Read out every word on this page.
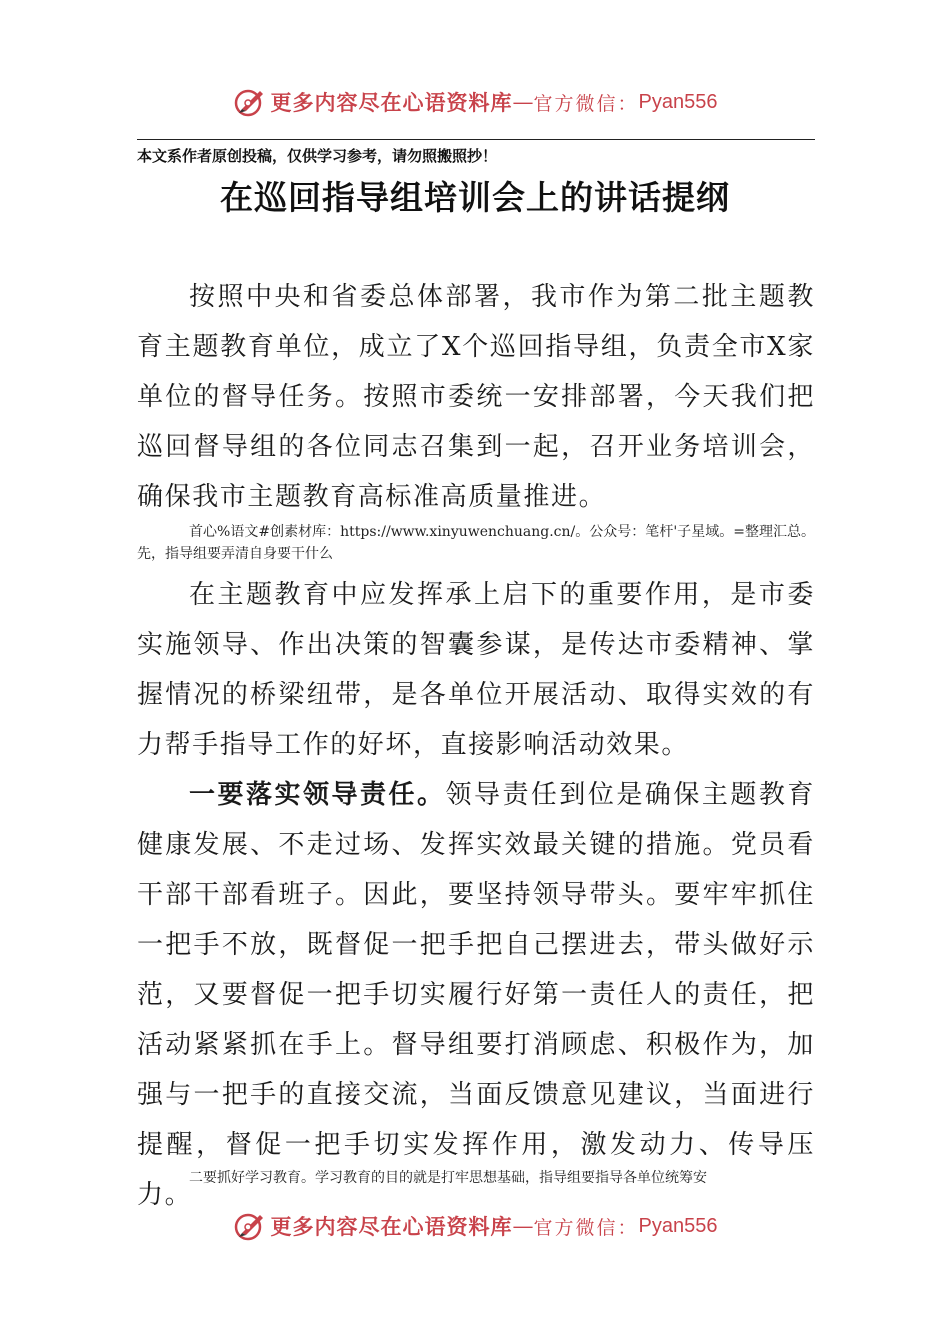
更多内容尽在心语资料库 — 官方微信： Pyan556
本文系作者原创投稿，仅供学习参考，请勿照搬照抄！
在巡回指导组培训会上的讲话提纲
按照中央和省委总体部署，我市作为第二批主题教育主题教育单位，成立了X个巡回指导组，负责全市X家单位的督导任务。按照市委统一安排部署，今天我们把巡回督导组的各位同志召集到一起，召开业务培训会，确保我市主题教育高标准高质量推进。
首心%语文#创素材库：https://www.xinyuwenchuang.cn/。公众号：笔杆'子星域。=整理汇总。先，指导组要弄清自身要干什么
在主题教育中应发挥承上启下的重要作用，是市委实施领导、作出决策的智囊参谋，是传达市委精神、掌握情况的桥梁纽带，是各单位开展活动、取得实效的有力帮手指导工作的好坏，直接影响活动效果。
一要落实领导责任。领导责任到位是确保主题教育健康发展、不走过场、发挥实效最关键的措施。党员看干部干部看班子。因此，要坚持领导带头。要牢牢抓住一把手不放，既督促一把手把自己摆进去，带头做好示范，又要督促一把手切实履行好第一责任人的责任，把活动紧紧抓在手上。督导组要打消顾虑、积极作为，加强与一把手的直接交流，当面反馈意见建议，当面进行提醒，督促一把手切实发挥作用，激发动力、传导压力。
二要抓好学习教育。学习教育的目的就是打牢思想基础，指导组要指导各单位统筹安
更多内容尽在心语资料库 — 官方微信： Pyan556
